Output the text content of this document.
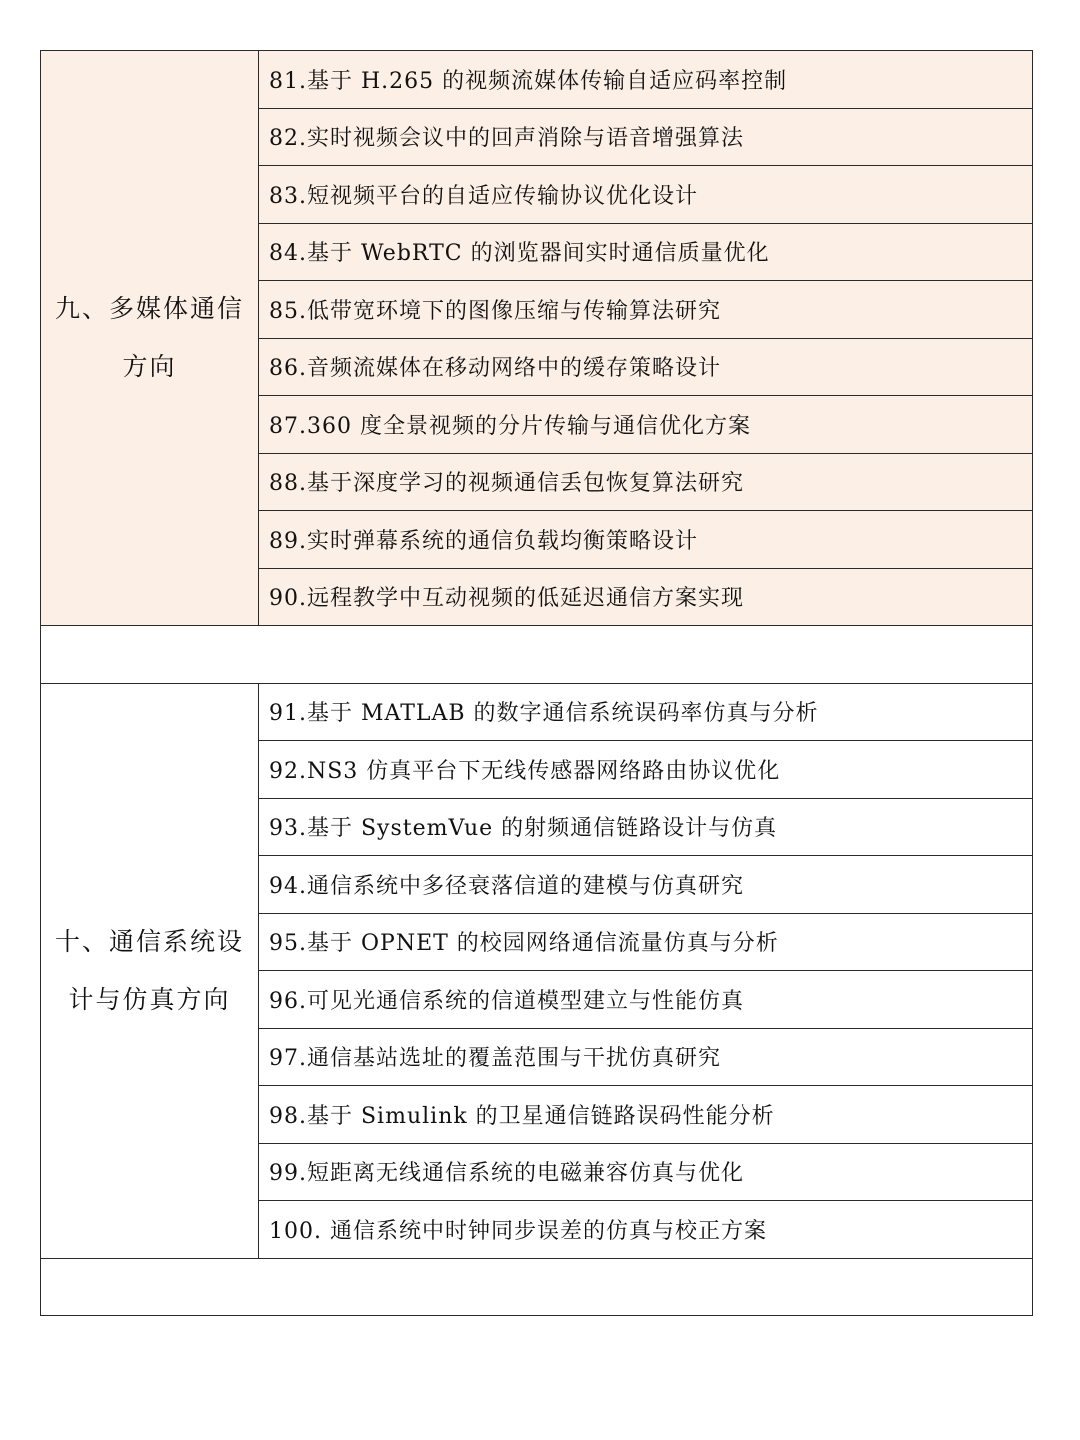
九、多媒体通信方向	81.基于 H.265 的视频流媒体传输自适应码率控制
	82.实时视频会议中的回声消除与语音增强算法
	83.短视频平台的自适应传输协议优化设计
	84.基于 WebRTC 的浏览器间实时通信质量优化
	85.低带宽环境下的图像压缩与传输算法研究
	86.音频流媒体在移动网络中的缓存策略设计
	87.360 度全景视频的分片传输与通信优化方案
	88.基于深度学习的视频通信丢包恢复算法研究
	89.实时弹幕系统的通信负载均衡策略设计
	90.远程教学中互动视频的低延迟通信方案实现

十、通信系统设计与仿真方向	91.基于 MATLAB 的数字通信系统误码率仿真与分析
	92.NS3 仿真平台下无线传感器网络路由协议优化
	93.基于 SystemVue 的射频通信链路设计与仿真
	94.通信系统中多径衰落信道的建模与仿真研究
	95.基于 OPNET 的校园网络通信流量仿真与分析
	96.可见光通信系统的信道模型建立与性能仿真
	97.通信基站选址的覆盖范围与干扰仿真研究
	98.基于 Simulink 的卫星通信链路误码性能分析
	99.短距离无线通信系统的电磁兼容仿真与优化
	100. 通信系统中时钟同步误差的仿真与校正方案
